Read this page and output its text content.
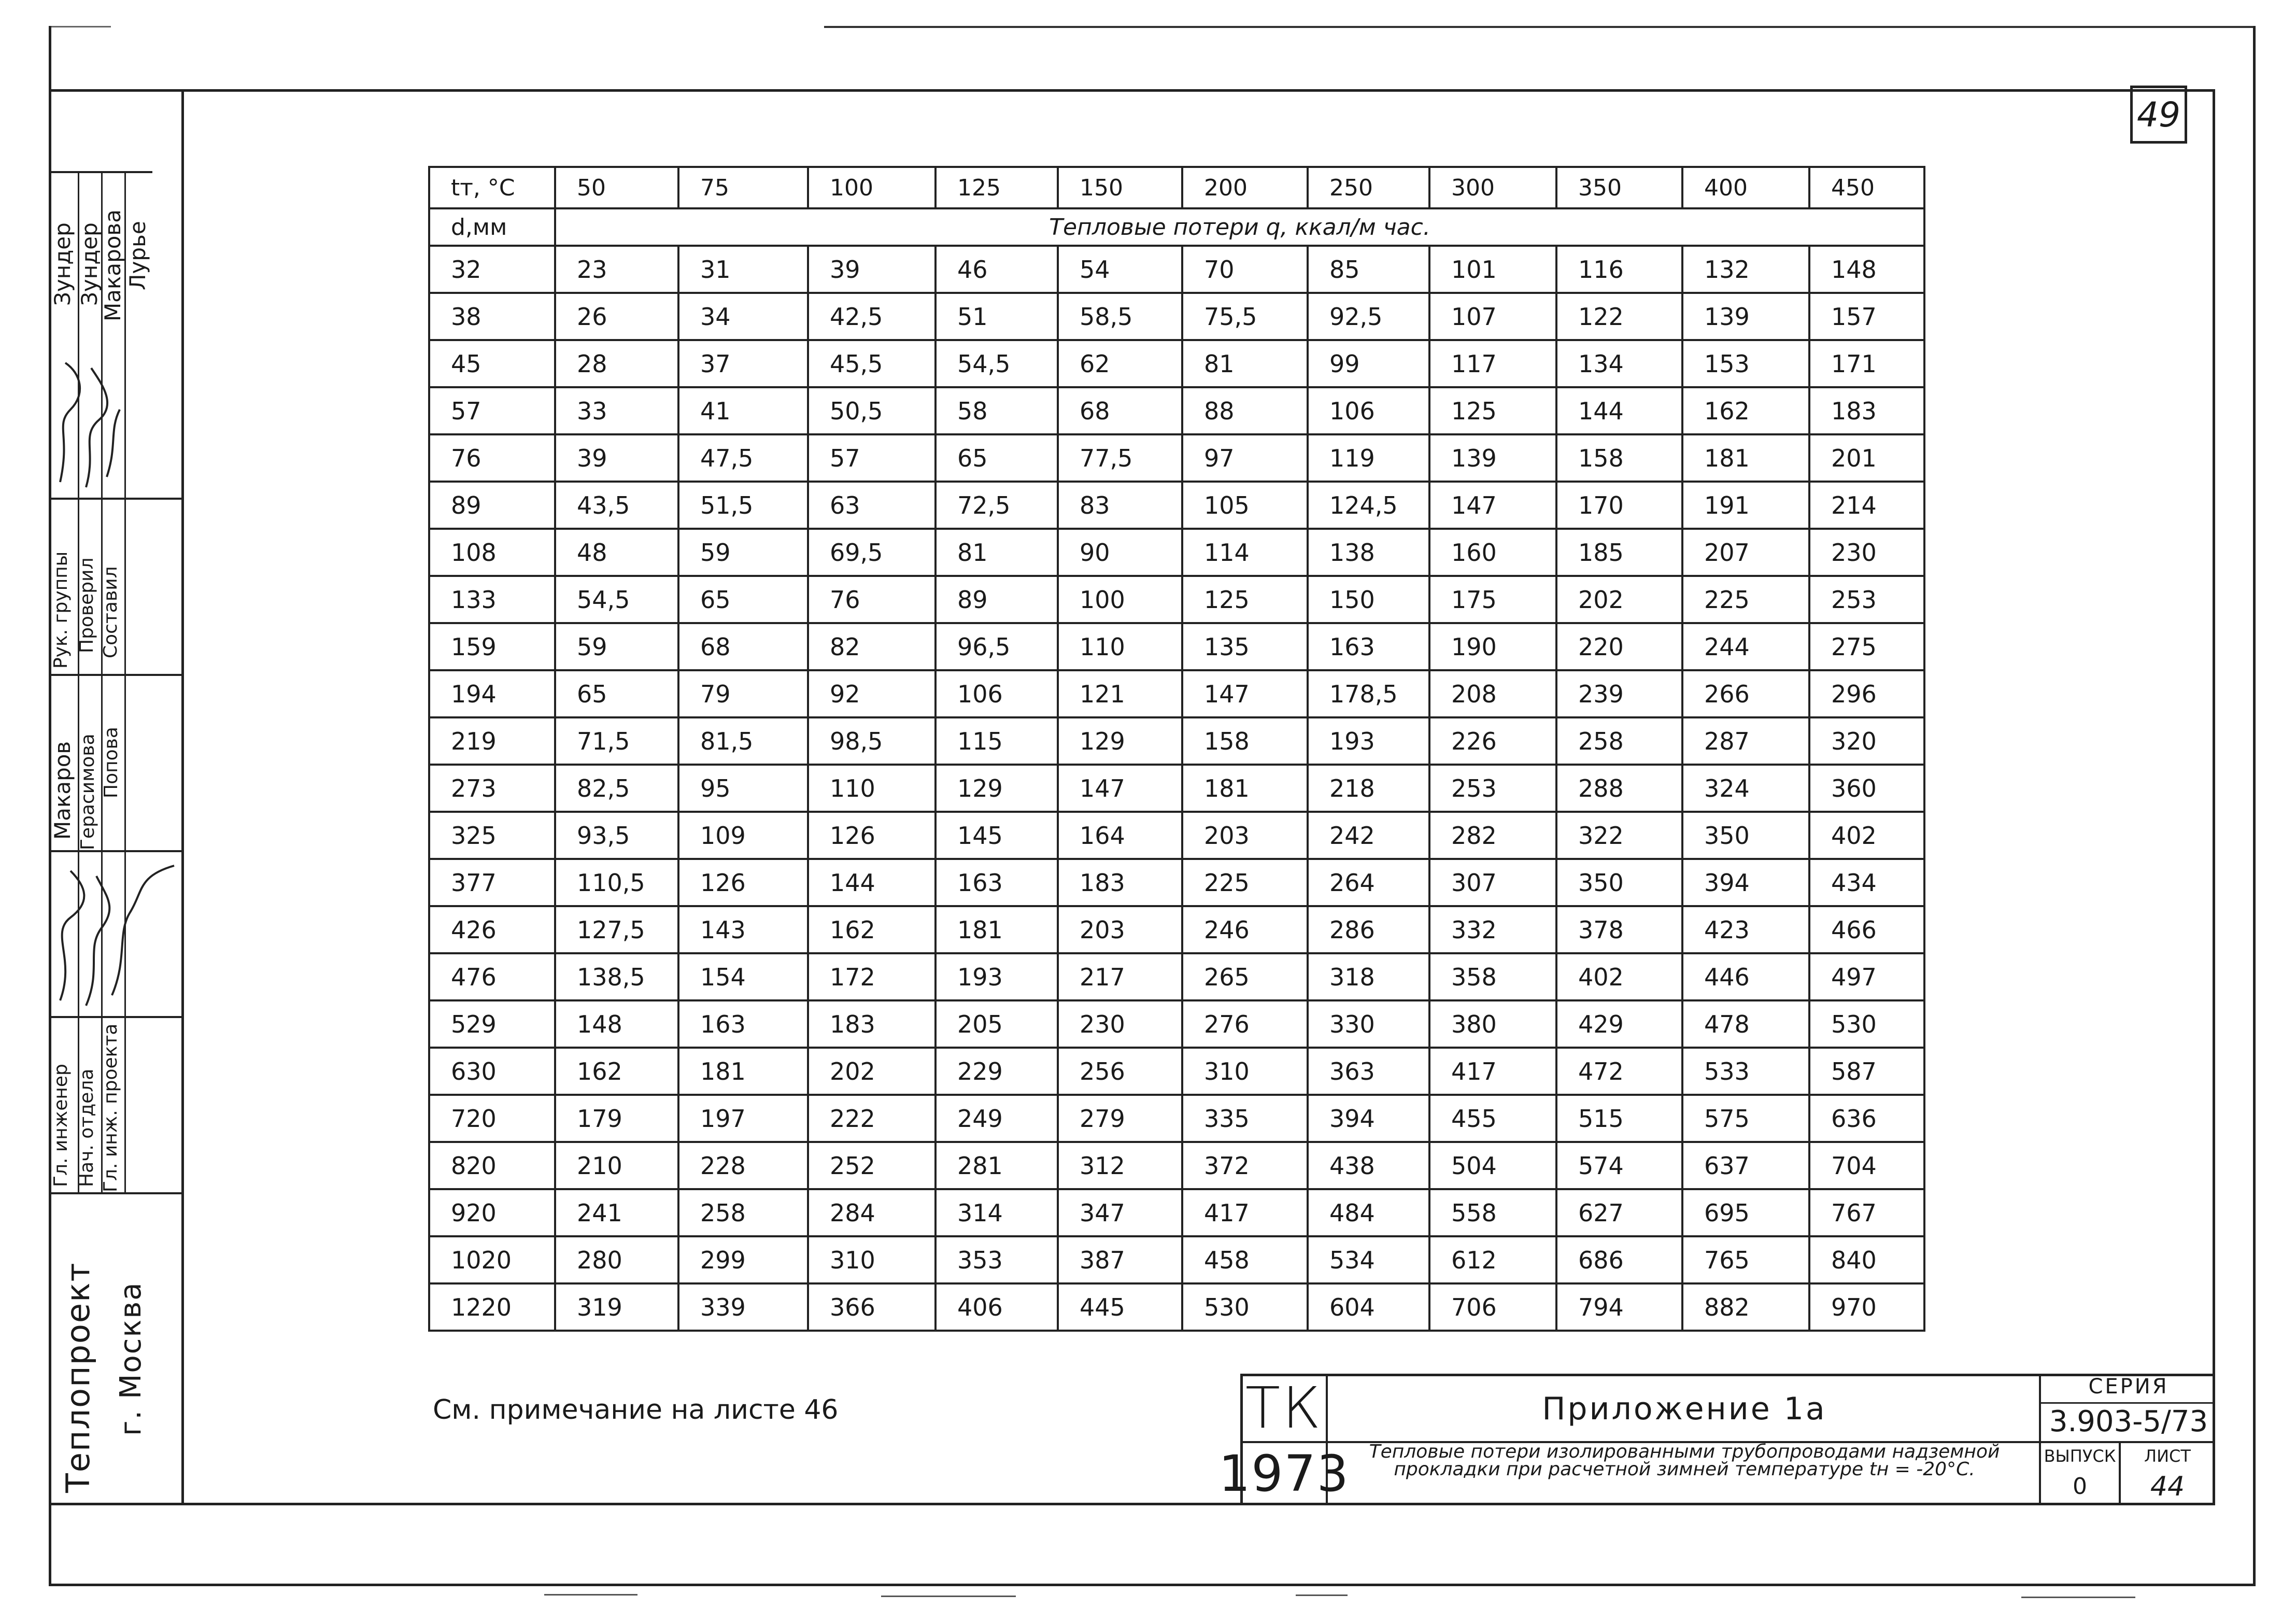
49
Зундер Зундер
Макарова Лурье
Рук. группы Проверил Составил
Макаров Герасимова Попова
Гл. инженер Нач. отдела Гл. инж. проекта
Теплопроект г. Москва
tт, °C	50	75	100	125	150	200	250	300	350	400	450
d,мм	Тепловые потери q, ккал/м час.										
32	23	31	39	46	54	70	85	101	116	132	148
38	26	34	42,5	51	58,5	75,5	92,5	107	122	139	157
45	28	37	45,5	54,5	62	81	99	117	134	153	171
57	33	41	50,5	58	68	88	106	125	144	162	183
76	39	47,5	57	65	77,5	97	119	139	158	181	201
89	43,5	51,5	63	72,5	83	105	124,5	147	170	191	214
108	48	59	69,5	81	90	114	138	160	185	207	230
133	54,5	65	76	89	100	125	150	175	202	225	253
159	59	68	82	96,5	110	135	163	190	220	244	275
194	65	79	92	106	121	147	178,5	208	239	266	296
219	71,5	81,5	98,5	115	129	158	193	226	258	287	320
273	82,5	95	110	129	147	181	218	253	288	324	360
325	93,5	109	126	145	164	203	242	282	322	350	402
377	110,5	126	144	163	183	225	264	307	350	394	434
426	127,5	143	162	181	203	246	286	332	378	423	466
476	138,5	154	172	193	217	265	318	358	402	446	497
529	148	163	183	205	230	276	330	380	429	478	530
630	162	181	202	229	256	310	363	417	472	533	587
720	179	197	222	249	279	335	394	455	515	575	636
820	210	228	252	281	312	372	438	504	574	637	704
920	241	258	284	314	347	417	484	558	627	695	767
1020	280	299	310	353	387	458	534	612	686	765	840
1220	319	339	366	406	445	530	604	706	794	882	970
См. примечание на листе 46	ТК
1973
Приложение 1а
Тепловые потери изолированными трубопроводами надземной прокладки при расчетной зимней температуре tн = -20°С.
СЕРИЯ
3.903-5/73
ВЫПУСК
0
ЛИСТ
44
